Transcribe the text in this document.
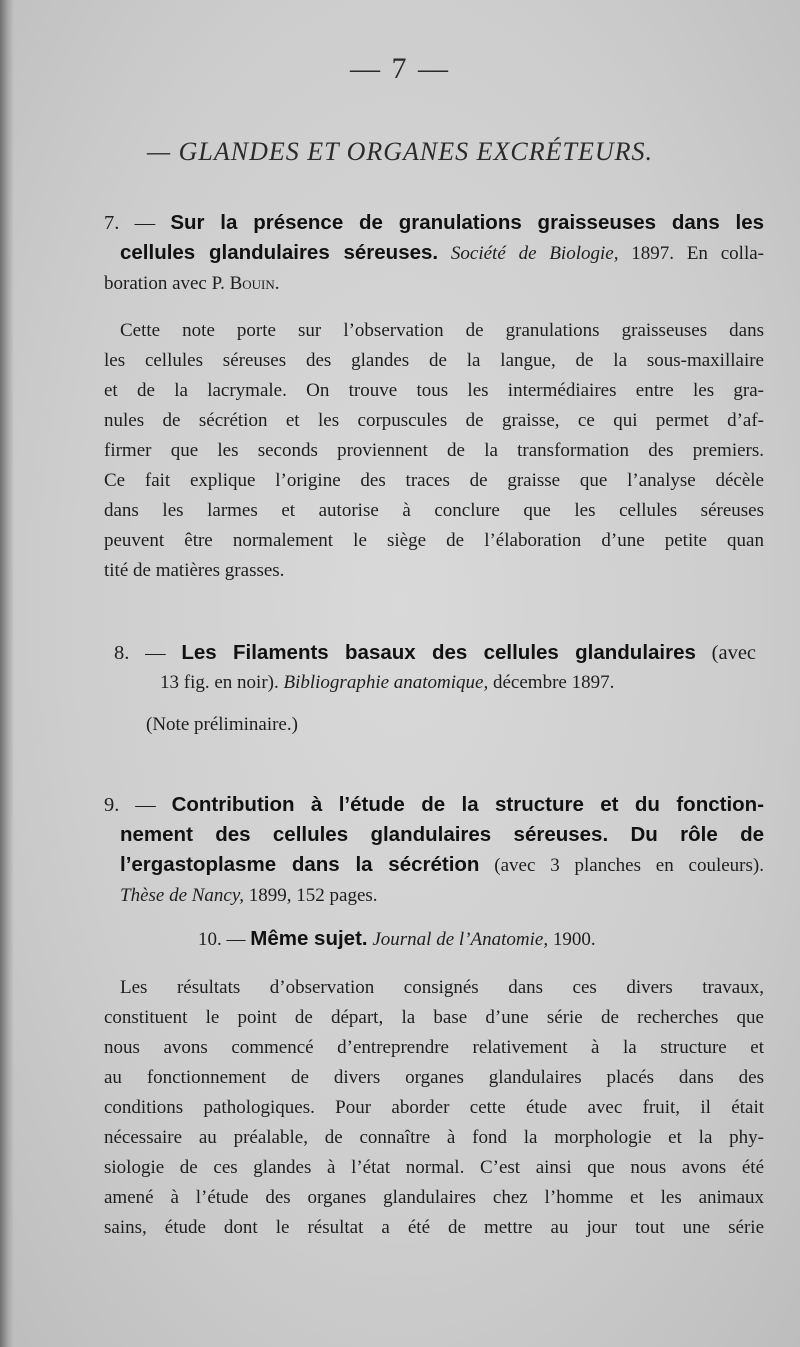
— 7 —
— GLANDES ET ORGANES EXCRÉTEURS.
7. — Sur la présence de granulations graisseuses dans les
cellules glandulaires séreuses. Société de Biologie, 1897. En colla-
boration avec P. Bouin.
Cette note porte sur l’observation de granulations graisseuses dans
les cellules séreuses des glandes de la langue, de la sous-maxillaire
et de la lacrymale. On trouve tous les intermédiaires entre les gra-
nules de sécrétion et les corpuscules de graisse, ce qui permet d’af-
firmer que les seconds proviennent de la transformation des premiers.
Ce fait explique l’origine des traces de graisse que l’analyse décèle
dans les larmes et autorise à conclure que les cellules séreuses
peuvent être normalement le siège de l’élaboration d’une petite quan
tité de matières grasses.
8. — Les Filaments basaux des cellules glandulaires (avec
13 fig. en noir). Bibliographie anatomique, décembre 1897.
(Note préliminaire.)
9. — Contribution à l’étude de la structure et du fonction-
nement des cellules glandulaires séreuses. Du rôle de
l’ergastoplasme dans la sécrétion (avec 3 planches en couleurs).
Thèse de Nancy, 1899, 152 pages.
10. — Même sujet. Journal de l’Anatomie, 1900.
Les résultats d’observation consignés dans ces divers travaux,
constituent le point de départ, la base d’une série de recherches que
nous avons commencé d’entreprendre relativement à la structure et
au fonctionnement de divers organes glandulaires placés dans des
conditions pathologiques. Pour aborder cette étude avec fruit, il était
nécessaire au préalable, de connaître à fond la morphologie et la phy-
siologie de ces glandes à l’état normal. C’est ainsi que nous avons été
amené à l’étude des organes glandulaires chez l’homme et les animaux
sains, étude dont le résultat a été de mettre au jour tout une série
